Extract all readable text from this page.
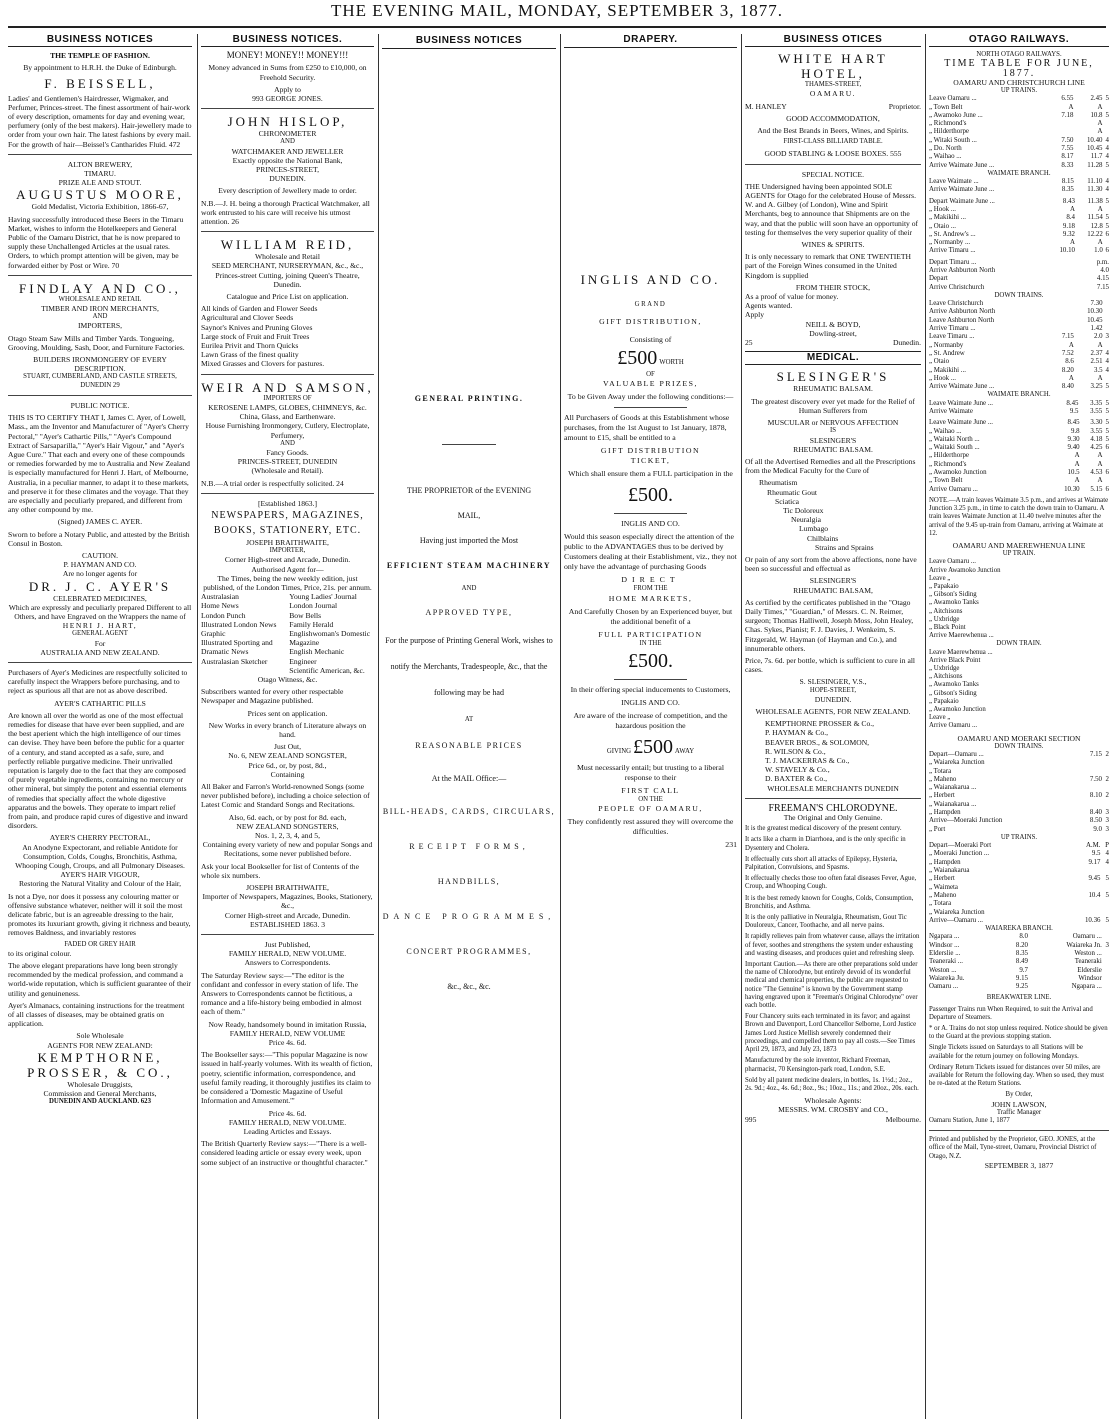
THE EVENING MAIL, MONDAY, SEPTEMBER 3, 1877.
BUSINESS NOTICES
THE TEMPLE OF FASHION.
By appointment to H.R.H. the Duke of Edinburgh.
F. BEISSELL,
Ladies' and Gentlemen's Hairdresser, Wigmaker, and Perfumer, Princes-street. The finest assortment of hair-work of every description, ornaments for day and evening wear, perfumery (only of the best makers). Hair-jewellery made to order from your own hair. The latest fashions by every mail. For the growth of hair—Beissel's Cantharides Fluid. 472
ALTON BREWERY,
TIMARU.
PRIZE ALE AND STOUT.
AUGUSTUS MOORE,
Gold Medalist, Victoria Exhibition, 1866-67,
Having successfully introduced these Beers in the Timaru Market, wishes to inform the Hotelkeepers and General Public of the Oamaru District, that he is now prepared to supply these Unchallenged Articles at the usual rates. Orders, to which prompt attention will be given, may be forwarded either by Post or Wire. 70
FINDLAY AND CO.,
WHOLESALE AND RETAIL
TIMBER AND IRON MERCHANTS,
AND
IMPORTERS,
Otago Steam Saw Mills and Timber Yards. Tongueing, Grooving, Moulding, Sash, Door, and Furniture Factories.
BUILDERS IRONMONGERY OF EVERY DESCRIPTION.
STUART, CUMBERLAND, AND CASTLE STREETS, DUNEDIN 29
PUBLIC NOTICE.
THIS IS TO CERTIFY THAT I, James C. Ayer, of Lowell, Mass., am the Inventor and Manufacturer of "Ayer's Cherry Pectoral," "Ayer's Cathartic Pills," "Ayer's Compound Extract of Sarsaparilla," "Ayer's Hair Vigour," and "Ayer's Ague Cure." That each and every one of these compounds or remedies forwarded by me to Australia and New Zealand is especially manufactured for Henri J. Hart, of Melbourne, Australia, in a peculiar manner, to adapt it to these markets, and preserve it for these climates and the voyage. That they are especially and peculiarly prepared, and different from any other compound by me.
(Signed) JAMES C. AYER.
Sworn to before a Notary Public, and attested by the British Consul in Boston.
CAUTION.
P. HAYMAN AND CO.
Are no longer agents for
DR. J. C. AYER'S
CELEBRATED MEDICINES,
Which are expressly and peculiarly prepared Different to all Others, and have Engraved on the Wrappers the name of
HENRI J. HART,
GENERAL AGENT
For
AUSTRALIA AND NEW ZEALAND.
Purchasers of Ayer's Medicines are respectfully solicited to carefully inspect the Wrappers before purchasing, and to reject as spurious all that are not as above described.
AYER'S CATHARTIC PILLS
Are known all over the world as one of the most effectual remedies for disease that have ever been supplied, and are the best aperient which the high intelligence of our times can devise. They have been before the public for a quarter of a century, and stand accepted as a safe, sure, and perfectly reliable purgative medicine. Their unrivalled reputation is largely due to the fact that they are composed of purely vegetable ingredients, containing no mercury or other mineral, but simply the potent and essential elements of remedies that specially affect the whole digestive apparatus and the bowels. They operate to impart relief from pain, and produce rapid cures of digestive and inward disorders.
AYER'S CHERRY PECTORAL,
An Anodyne Expectorant, and reliable Antidote for Consumption, Colds, Coughs, Bronchitis, Asthma, Whooping Cough, Croups, and all Pulmonary Diseases.
AYER'S HAIR VIGOUR,
Restoring the Natural Vitality and Colour of the Hair,
Is not a Dye, nor does it possess any colouring matter or offensive substance whatever, neither will it soil the most delicate fabric, but is an agreeable dressing to the hair, promotes its luxuriant growth, giving it richness and beauty, removes Baldness, and invariably restores
FADED OR GREY HAIR
to its original colour.
The above elegant preparations have long been strongly recommended by the medical profession, and command a world-wide reputation, which is sufficient guarantee of their utility and genuineness.
Ayer's Almanacs, containing instructions for the treatment of all classes of diseases, may be obtained gratis on application.
Sole Wholesale
AGENTS FOR NEW ZEALAND:
KEMPTHORNE, PROSSER, & CO.,
Wholesale Druggists,
Commission and General Merchants,
DUNEDIN AND AUCKLAND. 623
BUSINESS NOTICES.
MONEY! MONEY!! MONEY!!!
Money advanced in Sums from £250 to £10,000, on Freehold Security.
Apply to
993 GEORGE JONES.
JOHN HISLOP,
CHRONOMETER
AND
WATCHMAKER AND JEWELLER
Exactly opposite the National Bank,
PRINCES-STREET,
DUNEDIN.
Every description of Jewellery made to order.
N.B.—J. H. being a thorough Practical Watchmaker, all work entrusted to his care will receive his utmost attention. 26
WILLIAM REID,
Wholesale and Retail
SEED MERCHANT, NURSERYMAN, &c., &c.,
Princes-street Cutting, joining Queen's Theatre, Dunedin.
Catalogue and Price List on application.
All kinds of Garden and Flower Seeds
Agricultural and Clover Seeds
Saynor's Knives and Pruning Gloves
Large stock of Fruit and Fruit Trees
Eurilea Privit and Thorn Quicks
Lawn Grass of the finest quality
Mixed Grasses and Clovers for pastures.
WEIR AND SAMSON,
IMPORTERS OF
KEROSENE LAMPS, GLOBES, CHIMNEYS, &c.
China, Glass, and Earthenware.
House Furnishing Ironmongery, Cutlery, Electroplate, Perfumery,
AND
Fancy Goods.
PRINCES-STREET, DUNEDIN
(Wholesale and Retail).
N.B.—A trial order is respectfully solicited. 24
[Established 1863.]
NEWSPAPERS, MAGAZINES, BOOKS, STATIONERY, ETC.
JOSEPH BRAITHWAITE,
IMPORTER,
Corner High-street and Arcade, Dunedin.
Authorised Agent for—
The Times, being the new weekly edition, just published, of the London Times, Price, 21s. per annum.
Australasian
Home News
London Punch
Illustrated London News
Graphic
Illustrated Sporting and Dramatic News
Australasian Sketcher
Young Ladies' Journal
London Journal
Bow Bells
Family Herald
Englishwoman's Domestic Magazine
English Mechanic
Engineer
Scientific American, &c.
Otago Witness, &c.
Subscribers wanted for every other respectable Newspaper and Magazine published.
Prices sent on application.
New Works in every branch of Literature always on hand.
Just Out,
No. 6, NEW ZEALAND SONGSTER,
Price 6d., or, by post, 8d.,
Containing
All Baker and Farron's World-renowned Songs (some never published before), including a choice selection of Latest Comic and Standard Songs and Recitations.
Also, 6d. each, or by post for 8d. each,
NEW ZEALAND SONGSTERS,
Nos. 1, 2, 3, 4, and 5,
Containing every variety of new and popular Songs and Recitations, some never published before.
Ask your local Bookseller for list of Contents of the whole six numbers.
JOSEPH BRAITHWAITE,
Importer of Newspapers, Magazines, Books, Stationery, &c.,
Corner High-street and Arcade, Dunedin.
ESTABLISHED 1863. 3
Just Published,
FAMILY HERALD, NEW VOLUME.
Answers to Correspondents.
The Saturday Review says:—"The editor is the confidant and confessor in every station of life. The Answers to Correspondents cannot be fictitious, a romance and a life-history being embodied in almost each of them."
Now Ready, handsomely bound in imitation Russia,
FAMILY HERALD, NEW VOLUME
Price 4s. 6d.
The Bookseller says:—"This popular Magazine is now issued in half-yearly volumes. With its wealth of fiction, poetry, scientific information, correspondence, and useful family reading, it thoroughly justifies its claim to be considered a 'Domestic Magazine of Useful Information and Amusement.'"
Price 4s. 6d.
FAMILY HERALD, NEW VOLUME.
Leading Articles and Essays.
The British Quarterly Review says:—"There is a well-considered leading article or essay every week, upon some subject of an instructive or thoughtful character."
BUSINESS NOTICES
GENERAL PRINTING.
THE PROPRIETOR of the EVENING
MAIL,
Having just imported the Most
EFFICIENT STEAM MACHINERY
AND
APPROVED TYPE,
For the purpose of Printing General Work, wishes to notify the Merchants, Tradespeople, &c., that the following may be had
AT
REASONABLE PRICES
At the MAIL Office:—
BILL-HEADS, CARDS, CIRCULARS,
RECEIPT FORMS,
HANDBILLS,
DANCE PROGRAMMES,
CONCERT PROGRAMMES,
&c., &c., &c.
DRAPERY.
INGLIS AND CO.
GRAND
GIFT DISTRIBUTION,
Consisting of
£500 WORTH
OF
VALUABLE PRIZES,
To be Given Away under the following conditions:—
All Purchasers of Goods at this Establishment whose purchases, from the 1st August to 1st January, 1878, amount to £15, shall be entitled to a
GIFT DISTRIBUTION
TICKET,
Which shall ensure them a FULL participation in the
£500.
INGLIS AND CO.
Would this season especially direct the attention of the public to the ADVANTAGES thus to be derived by Customers dealing at their Establishment, viz., they not only have the advantage of purchasing Goods
DIRECT
FROM THE
HOME MARKETS,
And Carefully Chosen by an Experienced buyer, but the additional benefit of a
FULL PARTICIPATION
IN THE
£500.
In their offering special inducements to Customers,
INGLIS AND CO.
Are aware of the increase of competition, and the hazardous position the
GIVING £500 AWAY
Must necessarily entail; but trusting to a liberal response to their
FIRST CALL
ON THE
PEOPLE OF OAMARU,
They confidently rest assured they will overcome the difficulties.
231
BUSINESS OTICES
WHITE HART HOTEL,
THAMES-STREET,
OAMARU.
M. HANLEY	Proprietor.
GOOD ACCOMMODATION,
And the Best Brands in Beers, Wines, and Spirits.
FIRST-CLASS BILLIARD TABLE.
GOOD STABLING & LOOSE BOXES. 555
SPECIAL NOTICE.
THE Undersigned having been appointed SOLE AGENTS for Otago for the celebrated House of Messrs. W. and A. Gilbey (of London), Wine and Spirit Merchants, beg to announce that Shipments are on the way, and that the public will soon have an opportunity of testing for themselves the very superior quality of their
WINES & SPIRITS.
It is only necessary to remark that ONE TWENTIETH part of the Foreign Wines consumed in the United Kingdom is supplied
FROM THEIR STOCK,
As a proof of value for money.
Agents wanted.
Apply
NEILL & BOYD,
Dowling-street,
25	Dunedin.
MEDICAL.
SLESINGER'S
RHEUMATIC BALSAM.
The greatest discovery ever yet made for the Relief of Human Sufferers from
MUSCULAR or NERVOUS AFFECTION
IS
SLESINGER'S
RHEUMATIC BALSAM.
Of all the Advertised Remedies and all the Prescriptions from the Medical Faculty for the Cure of
Rheumatism
Rheumatic Gout
Sciatica
Tic Doloreux
Neuralgia
Lumbago
Chilblains
Strains and Sprains
Or pain of any sort from the above affections, none have been so successful and effectual as
SLESINGER'S
RHEUMATIC BALSAM,
As certified by the certificates published in the "Otago Daily Times," "Guardian," of Messrs. C. N. Reimer, surgeon; Thomas Halliwell, Joseph Moss, John Healey, Chas. Sykes, Pianist; F. J. Davies, J. Wenkeim, S. Fitzgerald, W. Hayman (of Hayman and Co.), and innumerable others.
Price, 7s. 6d. per bottle, which is sufficient to cure in all cases.
S. SLESINGER, V.S.,
HOPE-STREET,
DUNEDIN.
WHOLESALE AGENTS, FOR NEW ZEALAND.
KEMPTHORNE PROSSER & Co.,
P. HAYMAN & Co.,
BEAVER BROS., & SOLOMON,
R. WILSON & Co.,
T. J. MACKERRAS & Co.,
W. STAVELY & Co.,
D. BAXTER & Co.,
WHOLESALE MERCHANTS DUNEDIN
FREEMAN'S CHLORODYNE.
The Original and Only Genuine.
It is the greatest medical discovery of the present century.
It acts like a charm in Diarrhoea, and is the only specific in Dysentery and Cholera.
It effectually cuts short all attacks of Epilepsy, Hysteria, Palpitation, Convulsions, and Spasms.
It effectually checks those too often fatal diseases Fever, Ague, Croup, and Whooping Cough.
It is the best remedy known for Coughs, Colds, Consumption, Bronchitis, and Asthma.
It is the only palliative in Neuralgia, Rheumatism, Gout Tic Douloreux, Cancer, Toothache, and all nerve pains.
It rapidly relieves pain from whatever cause, allays the irritation of fever, soothes and strengthens the system under exhausting and wasting diseases, and produces quiet and refreshing sleep.
Important Caution.—As there are other preparations sold under the name of Chlorodyne, but entirely devoid of its wonderful medical and chemical properties, the public are requested to notice "The Genuine" is known by the Government stamp having engraved upon it "Freeman's Original Chlorodyne" over each bottle.
Four Chancery suits each terminated in its favor; and against Brown and Davenport, Lord Chancellor Selborne, Lord Justice James Lord Justice Mellish severely condemned their proceedings, and compelled them to pay all costs.—See Times April 29, 1873, and July 23, 1873
Manufactured by the sole inventor, Richard Freeman, pharmacist, 70 Kensington-park road, London, S.E.
Sold by all patent medicine dealers, in bottles, 1s. 1½d.; 2oz., 2s. 9d.; 4oz., 4s. 6d.; 8oz., 9s.; 10oz., 11s.; and 20oz., 20s. each.
Wholesale Agents:
MESSRS. WM. CROSBY and CO.,
995	Melbourne.
OTAGO RAILWAYS.
NORTH OTAGO RAILWAYS.
TIME TABLE FOR JUNE, 1877.
OAMARU AND CHRISTCHURCH LINE
UP TRAINS.
Leave Oamaru ...	6.55	2.45	5
„ Town Belt	A	A	
„ Awamoko June ...	7.18	10.8	5
„ Richmond's		A	
„ Hilderthorpe		A	
„ Witaki South ...	7.50	10.40	4
„ Do. North	7.55	10.45	4
„ Waihao ...	8.17	11.7	4
Arrive Waimate June ...	8.33	11.28	5
WAIMATE BRANCH.
Leave Waimate ...	8.15	11.10	4
Arrive Waimate June ...	8.35	11.30	4
Depart Waimate June ...	8.43	11.38	5
„ Hook ...	A	A	
„ Makikihi ...	8.4	11.54	5
„ Otaio ...	9.18	12.8	5
„ St. Andrew's ...	9.32	12.22	6
„ Normanby ...	A	A	
Arrive Timaru ...	10.10	1.0	6
Depart Timaru ...		p.m.	
Arrive Ashburton North		4.0	
Depart		4.15	
Arrive Christchurch		7.15	
DOWN TRAINS.
Leave Christchurch		7.30	
Arrive Ashburton North		10.30	
Leave Ashburton North		10.45	
Arrive Timaru ...		1.42	
Leave Timaru ...	7.15	2.0	3
„ Normanby	A	A	
„ St. Andrew	7.52	2.37	4
„ Otaio	8.6	2.51	4
„ Makikihi ...	8.20	3.5	4
„ Hook ...	A	A	
Arrive Waimate June ...	8.40	3.25	5
WAIMATE BRANCH.
Leave Waimate June ...	8.45	3.35	5
Arrive Waimate	9.5	3.55	5
Leave Waimate June ...	8.45	3.30	5
„ Waihao ...	9.8	3.55	5
„ Waitaki North ...	9.30	4.18	5
„ Waitaki South ...	9.40	4.25	6
„ Hilderthorpe	A	A	
„ Richmond's	A	A	
„ Awamoko Junction	10.5	4.53	6
„ Town Belt	A	A	
Arrive Oamaru ...	10.30	5.15	6
NOTE.—A train leaves Waimate 3.5 p.m., and arrives at Waimate Junction 3.25 p.m., in time to catch the down train to Oamaru. A train leaves Waimate Junction at 11.40 twelve minutes after the arrival of the 9.45 up-train from Oamaru, arriving at Waimate at 12.
OAMARU AND MAEREWHENUA LINE
UP TRAIN.
Leave Oamaru ...
Arrive Awamoko Junction
Leave „
„ Papakaio
„ Gibson's Siding
„ Awamoko Tanks
„ Aitchisons
„ Uxbridge
„ Black Point
Arrive Maerewhenua ...
DOWN TRAIN.
Leave Maerewhenua ...
Arrive Black Point
„ Uxbridge
„ Aitchisons
„ Awamoko Tanks
„ Gibson's Siding
„ Papakaio
„ Awamoko Junction
Leave „
Arrive Oamaru ...
OAMARU AND MOERAKI SECTION
DOWN TRAINS.
Depart—Oamaru ...	7.15	2
„ Waiareka Junction		
„ Totara		
„ Maheno	7.50	2
„ Waianakarua ...		
„ Herbert	8.10	2
„ Waianakarua ...		
„ Hampden	8.40	3
Arrive—Moeraki Junction	8.50	3
„ Port	9.0	3
UP TRAINS.
Depart—Moeraki Port	A.M.	P
„ Moeraki Junction ...	9.5	4
„ Hampden	9.17	4
„ Waianakarua		
„ Herbert	9.45	5
„ Waimeta		
„ Maheno	10.4	5
„ Totara		
„ Waiareka Junction		
Arrive—Oamaru ...	10.36	5
WAIAREKA BRANCH.
Ngapara ...	8.0	Oamaru ...	
Windsor ...	8.20	Waiareka Jn.	3
Elderslie ...	8.35	Weston ...	
Teaneraki ...	8.49	Teaneraki	
Weston ...	9.7	Elderslie	
Waiareka Ju.	9.15	Windsor	
Oamaru ...	9.25	Ngapara ...	
BREAKWATER LINE.
Passenger Trains run When Required, to suit the Arrival and Departure of Steamers.
* or A. Trains do not stop unless required. Notice should be given to the Guard at the previous stopping station.
Single Tickets issued on Saturdays to all Stations will be available for the return journey on following Mondays.
Ordinary Return Tickets issued for distances over 50 miles, are available for Return the following day. When so used, they must be re-dated at the Return Stations.
By Order,
JOHN LAWSON,
Traffic Manager
Oamaru Station, June 1, 1877
Printed and published by the Proprietor, GEO. JONES, at the office of the Mail, Tyne-street, Oamaru, Provincial District of Otago, N.Z.
SEPTEMBER 3, 1877
